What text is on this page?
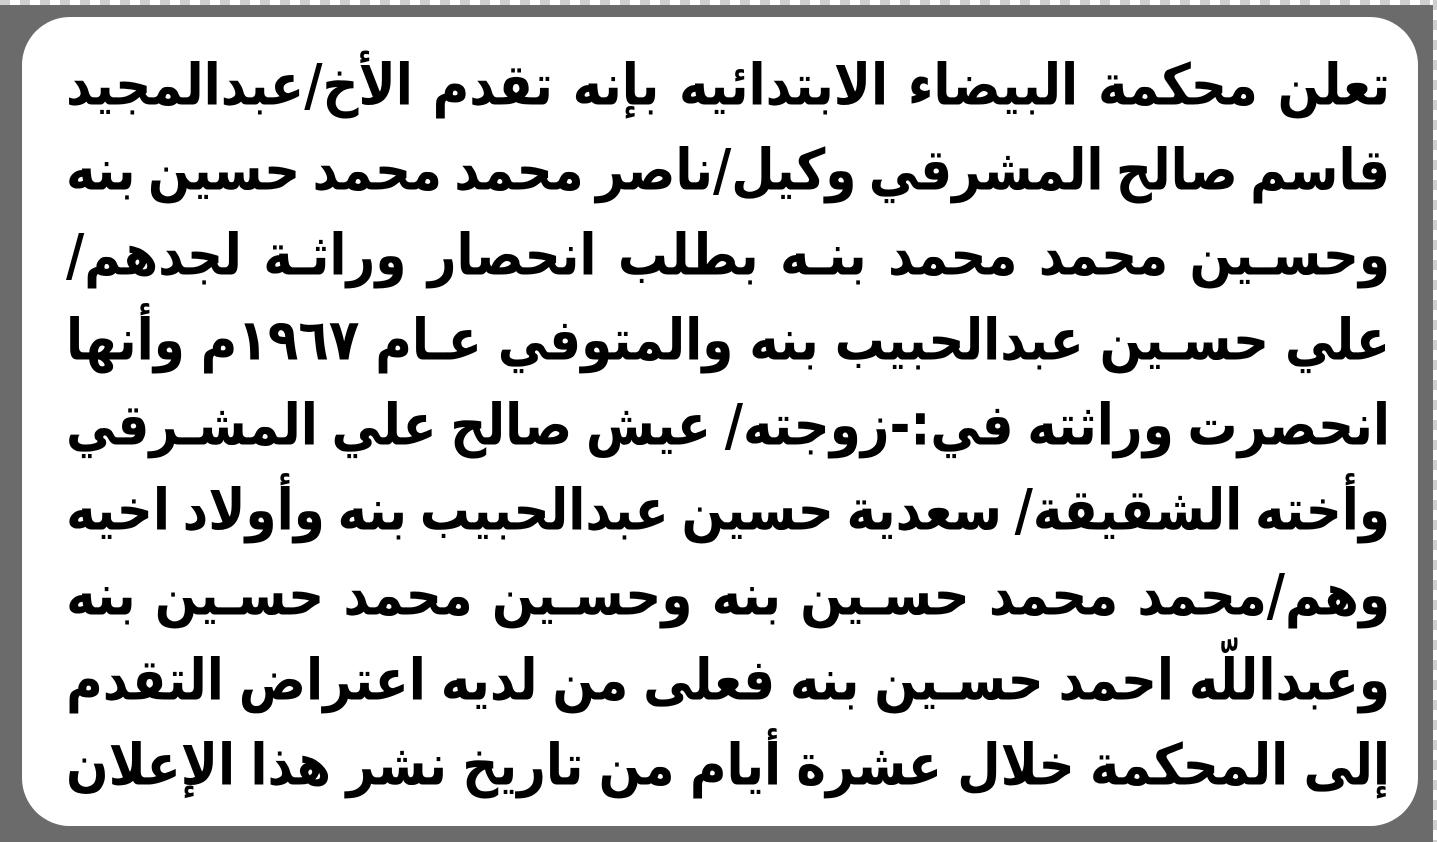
تعلن
محكمة
البيضاء
الابتدائيه
بإنه
تقدم
الأخ/عبدالمجيد
قاسم
صالح
المشرقي
وكيل/ناصر
محمد
محمد
حسين
بنه
وحسـين
محمد
محمد
بنـه
بطلب
انحصار
وراثـة
لجدهم/
علي
حسـين
عبدالحبيب
بنه
والمتوفي
عـام
١٩٦٧م
وأنها
انحصرت
وراثته
في:-زوجته/
عيش
صالح
علي
المشـرقي
وأخته
الشقيقة/
سعدية
حسين
عبدالحبيب
بنه
وأولاد
اخيه
وهم/محمد
محمد
حسـين
بنه
وحسـين
محمد
حسـين
بنه
وعبداللّه
احمد
حسـين
بنه
فعلى
من
لديه
اعتراض
التقدم
إلى
المحكمة
خلال
عشرة
أيام
من
تاريخ
نشر
هذا
الإعلان
